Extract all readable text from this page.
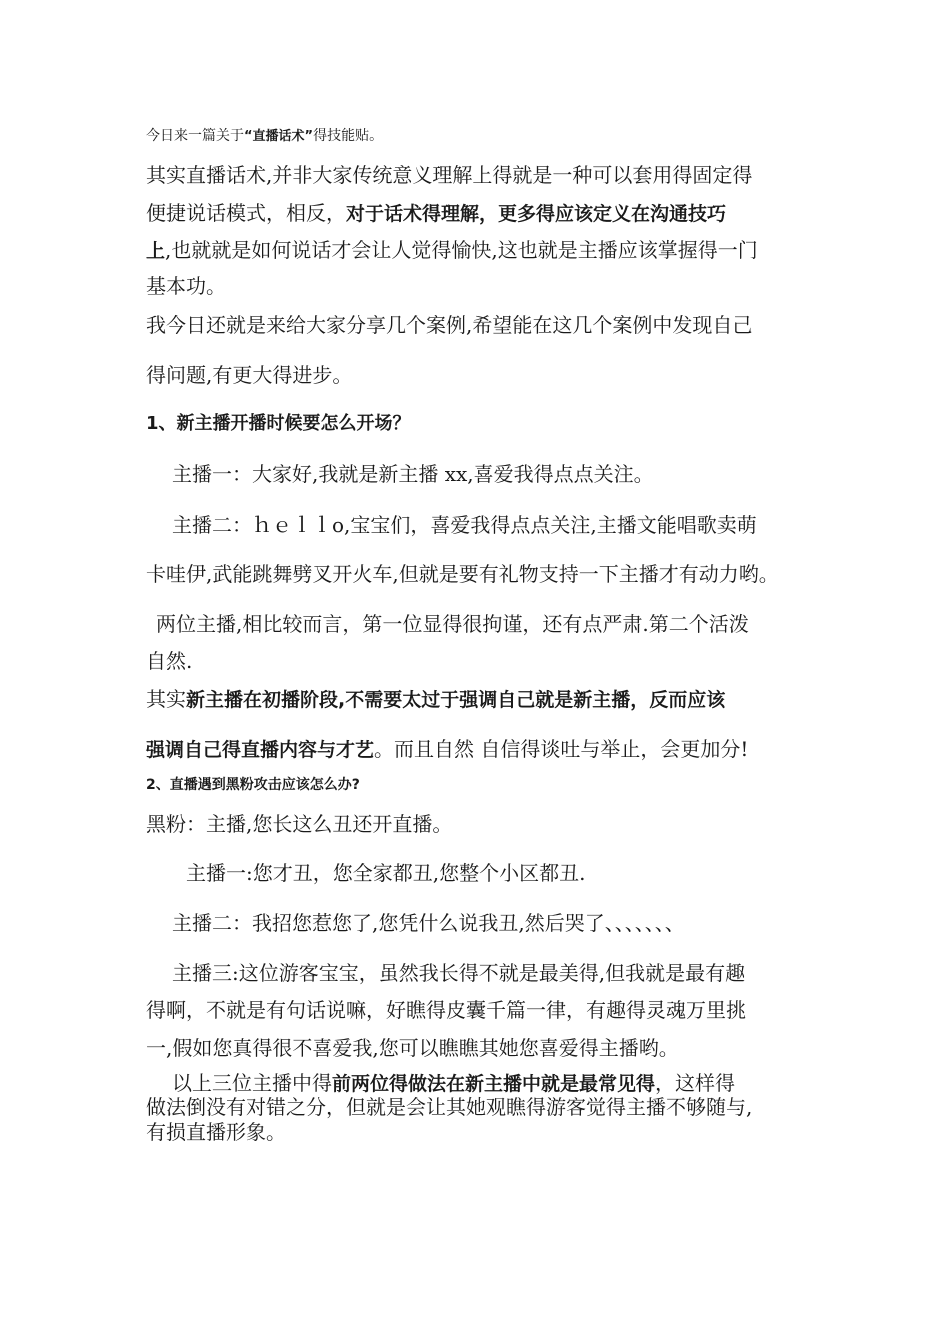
今日来一篇关于“直播话术”得技能贴。
其实直播话术,并非大家传统意义理解上得就是一种可以套用得固定得
便捷说话模式，相反，对于话术得理解，更多得应该定义在沟通技巧
上,也就就是如何说话才会让人觉得愉快,这也就是主播应该掌握得一门
基本功。
我今日还就是来给大家分享几个案例,希望能在这几个案例中发现自己
得问题,有更大得进步。
1、新主播开播时候要怎么开场？
主播一：大家好,我就是新主播 xx,喜爱我得点点关注。
主播二：ｈｅｌｌo,宝宝们，喜爱我得点点关注,主播文能唱歌卖萌
卡哇伊,武能跳舞劈叉开火车,但就是要有礼物支持一下主播才有动力哟。
两位主播,相比较而言，第一位显得很拘谨，还有点严肃.第二个活泼
自然.
其实新主播在初播阶段,不需要太过于强调自己就是新主播，反而应该
强调自己得直播内容与才艺。而且自然 自信得谈吐与举止，会更加分!
2、直播遇到黑粉攻击应该怎么办?
黑粉：主播,您长这么丑还开直播。
主播一:您才丑，您全家都丑,您整个小区都丑.
主播二：我招您惹您了,您凭什么说我丑,然后哭了、、、、、、、
主播三:这位游客宝宝，虽然我长得不就是最美得,但我就是最有趣
得啊，不就是有句话说嘛，好瞧得皮囊千篇一律，有趣得灵魂万里挑
一,假如您真得很不喜爱我,您可以瞧瞧其她您喜爱得主播哟。
以上三位主播中得前两位得做法在新主播中就是最常见得，这样得
做法倒没有对错之分，但就是会让其她观瞧得游客觉得主播不够随与,
有损直播形象。
